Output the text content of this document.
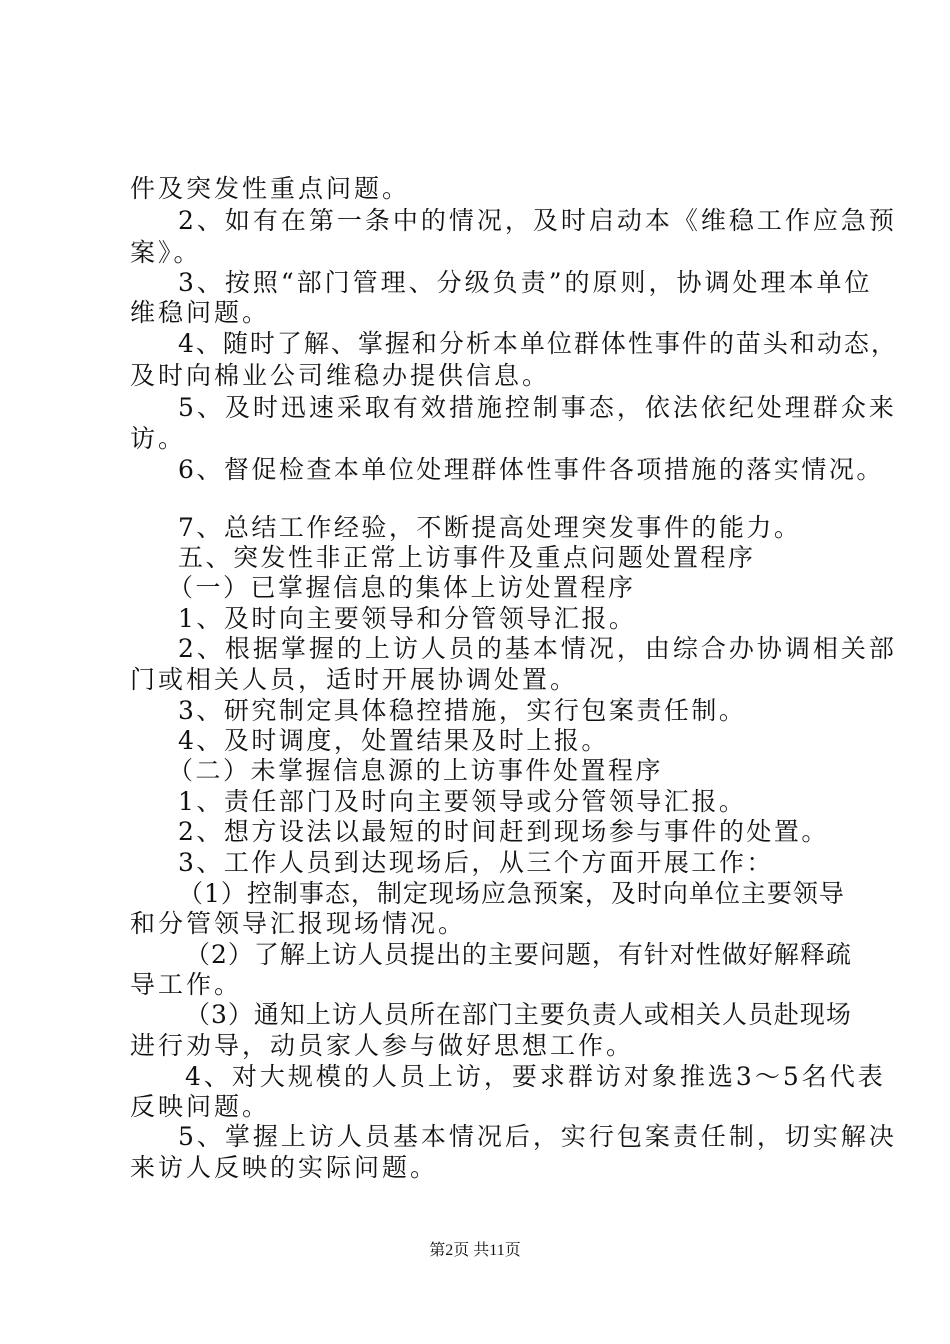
件及突发性重点问题。
2、如有在第一条中的情况，及时启动本《维稳工作应急预
案》。
3、按照“部门管理、分级负责”的原则，协调处理本单位
维稳问题。
4、随时了解、掌握和分析本单位群体性事件的苗头和动态，
及时向棉业公司维稳办提供信息。
5、及时迅速采取有效措施控制事态，依法依纪处理群众来
访。
6、督促检查本单位处理群体性事件各项措施的落实情况。
7、总结工作经验，不断提高处理突发事件的能力。
五、突发性非正常上访事件及重点问题处置程序
（一）已掌握信息的集体上访处置程序
1、及时向主要领导和分管领导汇报。
2、根据掌握的上访人员的基本情况，由综合办协调相关部
门或相关人员，适时开展协调处置。
3、研究制定具体稳控措施，实行包案责任制。
4、及时调度，处置结果及时上报。
（二）未掌握信息源的上访事件处置程序
1、责任部门及时向主要领导或分管领导汇报。
2、想方设法以最短的时间赶到现场参与事件的处置。
3、工作人员到达现场后，从三个方面开展工作：
（1）控制事态，制定现场应急预案，及时向单位主要领导
和分管领导汇报现场情况。
（2）了解上访人员提出的主要问题，有针对性做好解释疏
导工作。
（3）通知上访人员所在部门主要负责人或相关人员赴现场
进行劝导，动员家人参与做好思想工作。
4、对大规模的人员上访，要求群访对象推选3～5名代表
反映问题。
5、掌握上访人员基本情况后，实行包案责任制，切实解决
来访人反映的实际问题。
第2页 共11页
